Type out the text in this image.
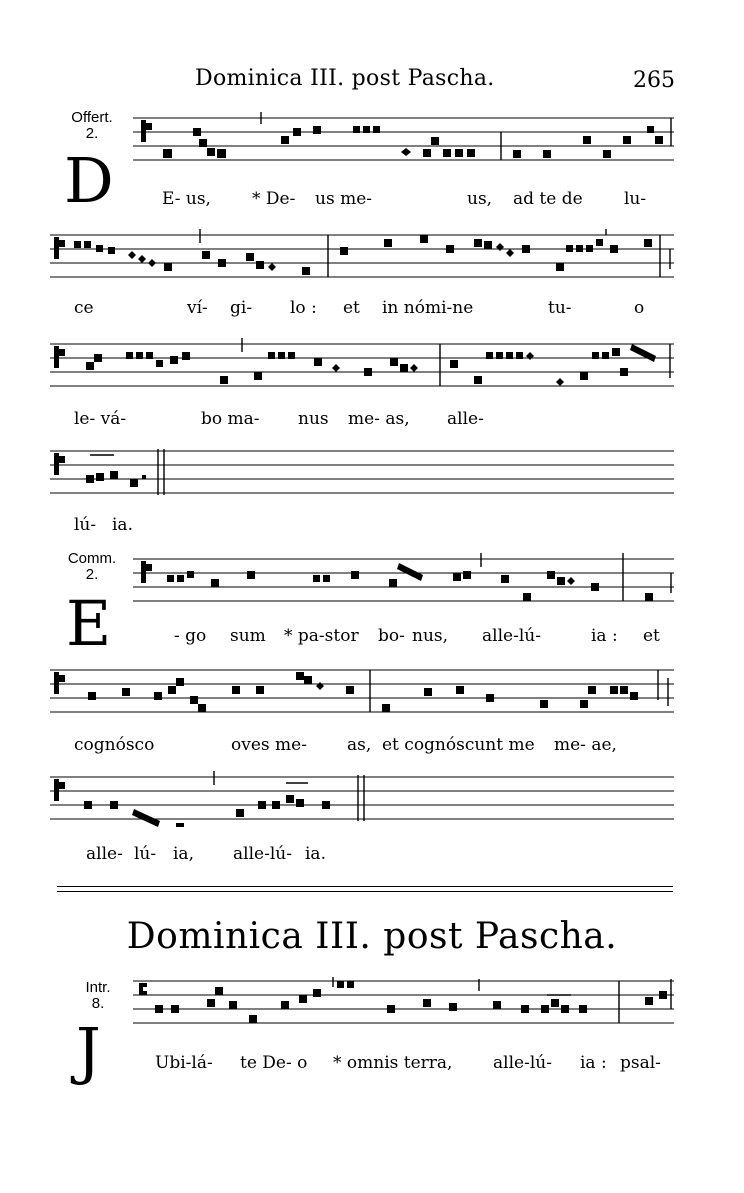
Dominica III. post Pascha.	265
Offert.
2.
D

	E- us,

* De-

us me-

	us,

ad te de

lu-

ce

	ví-

gi-

lo :

et

in nómi-ne

	tu-

	o

le- vá-

	bo ma-

nus

me- as,

alle-

lú-

ia.

Comm.
2.
E

	- go

sum

* pa-stor

bo-

nus,

alle-lú-

	ia :

et

cognósco

	oves me-

as,

et cognóscunt me

me- ae,

alle-

lú-

ia,

alle-lú-

ia.

Dominica III. post Pascha.
Intr.
8.
J

	Ubi-lá-

te De- o

* omnis terra,

alle-lú-

ia :

psal-
